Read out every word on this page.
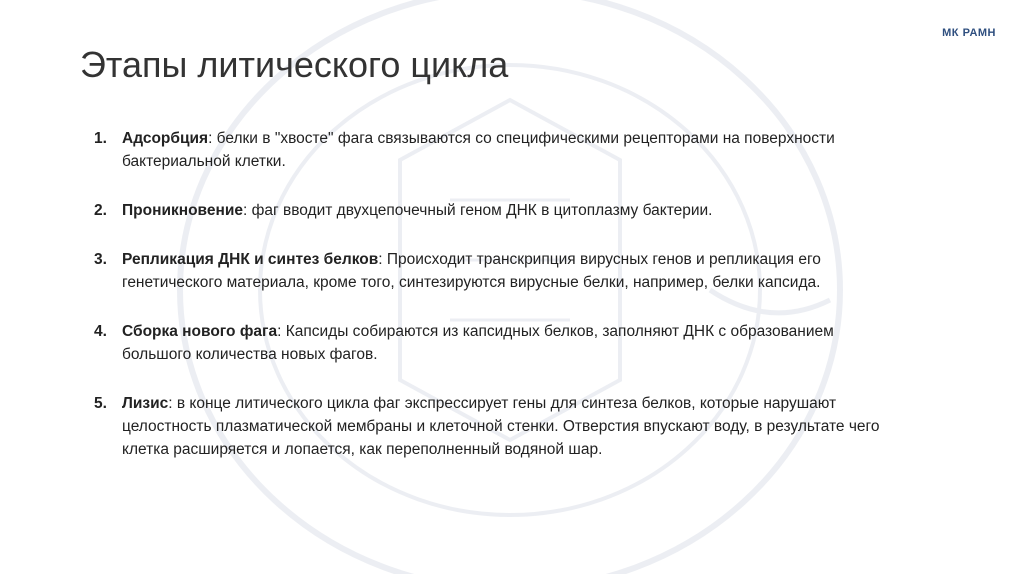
МК РАМН
Этапы литического цикла
1. Адсорбция: белки в "хвосте" фага связываются со специфическими рецепторами на поверхности бактериальной клетки.
2. Проникновение: фаг вводит двухцепочечный геном ДНК в цитоплазму бактерии.
3. Репликация ДНК и синтез белков: Происходит транскрипция вирусных генов и репликация его генетического материала, кроме того, синтезируются вирусные белки, например, белки капсида.
4. Сборка нового фага: Капсиды собираются из капсидных белков, заполняют ДНК с образованием большого количества новых фагов.
5. Лизис: в конце литического цикла фаг экспрессирует гены для синтеза белков, которые нарушают целостность плазматической мембраны и клеточной стенки. Отверстия впускают воду, в результате чего клетка расширяется и лопается, как переполненный водяной шар.
